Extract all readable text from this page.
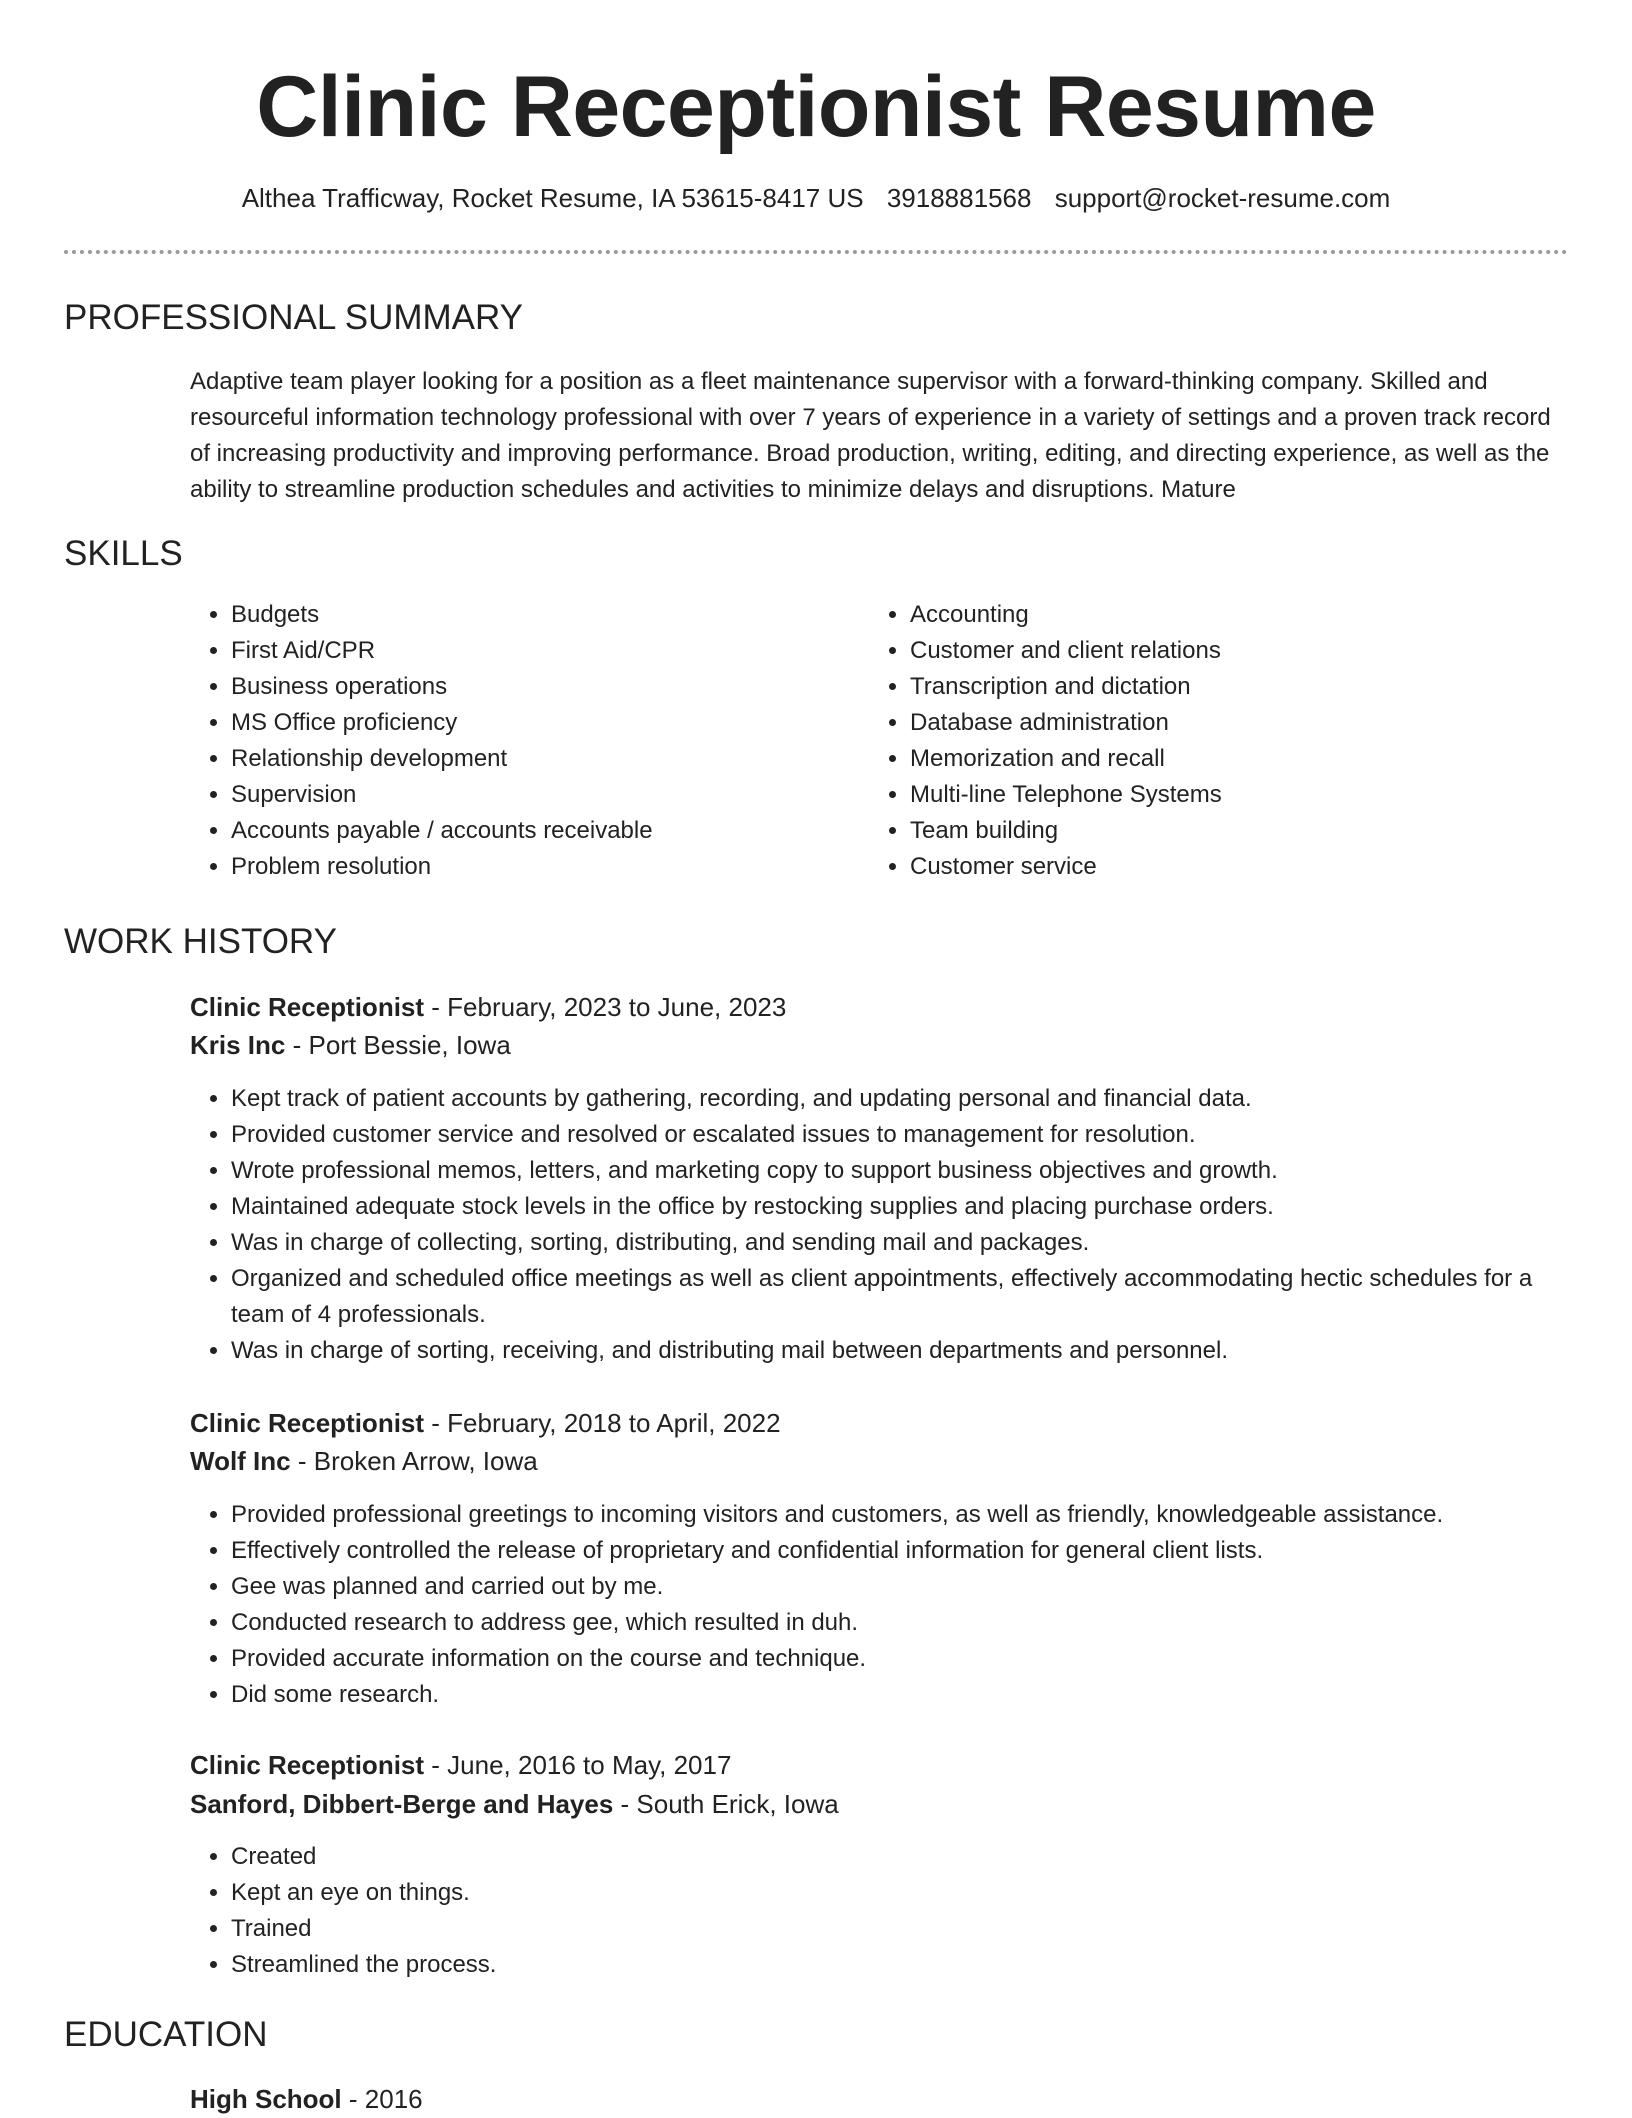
Clinic Receptionist Resume
Althea Trafficway, Rocket Resume, IA 53615-8417 US 3918881568 support@rocket-resume.com
PROFESSIONAL SUMMARY

Adaptive team player looking for a position as a fleet maintenance supervisor with a forward-thinking company. Skilled and resourceful information technology professional with over 7 years of experience in a variety of settings and a proven track record of increasing productivity and improving performance. Broad production, writing, editing, and directing experience, as well as the ability to streamline production schedules and activities to minimize delays and disruptions. Mature

SKILLS
• Budgets
• First Aid/CPR
• Business operations
• MS Office proficiency
• Relationship development
• Supervision
• Accounts payable / accounts receivable
• Problem resolution
• Accounting
• Customer and client relations
• Transcription and dictation
• Database administration
• Memorization and recall
• Multi-line Telephone Systems
• Team building
• Customer service
WORK HISTORY
Clinic Receptionist - February, 2023 to June, 2023
Kris Inc - Port Bessie, Iowa
• Kept track of patient accounts by gathering, recording, and updating personal and financial data.
• Provided customer service and resolved or escalated issues to management for resolution.
• Wrote professional memos, letters, and marketing copy to support business objectives and growth.
• Maintained adequate stock levels in the office by restocking supplies and placing purchase orders.
• Was in charge of collecting, sorting, distributing, and sending mail and packages.
• Organized and scheduled office meetings as well as client appointments, effectively accommodating hectic schedules for a team of 4 professionals.
• Was in charge of sorting, receiving, and distributing mail between departments and personnel.
Clinic Receptionist - February, 2018 to April, 2022
Wolf Inc - Broken Arrow, Iowa
• Provided professional greetings to incoming visitors and customers, as well as friendly, knowledgeable assistance.
• Effectively controlled the release of proprietary and confidential information for general client lists.
• Gee was planned and carried out by me.
• Conducted research to address gee, which resulted in duh.
• Provided accurate information on the course and technique.
• Did some research.
Clinic Receptionist - June, 2016 to May, 2017
Sanford, Dibbert-Berge and Hayes - South Erick, Iowa
• Created
• Kept an eye on things.
• Trained
• Streamlined the process.
EDUCATION
High School - 2016
